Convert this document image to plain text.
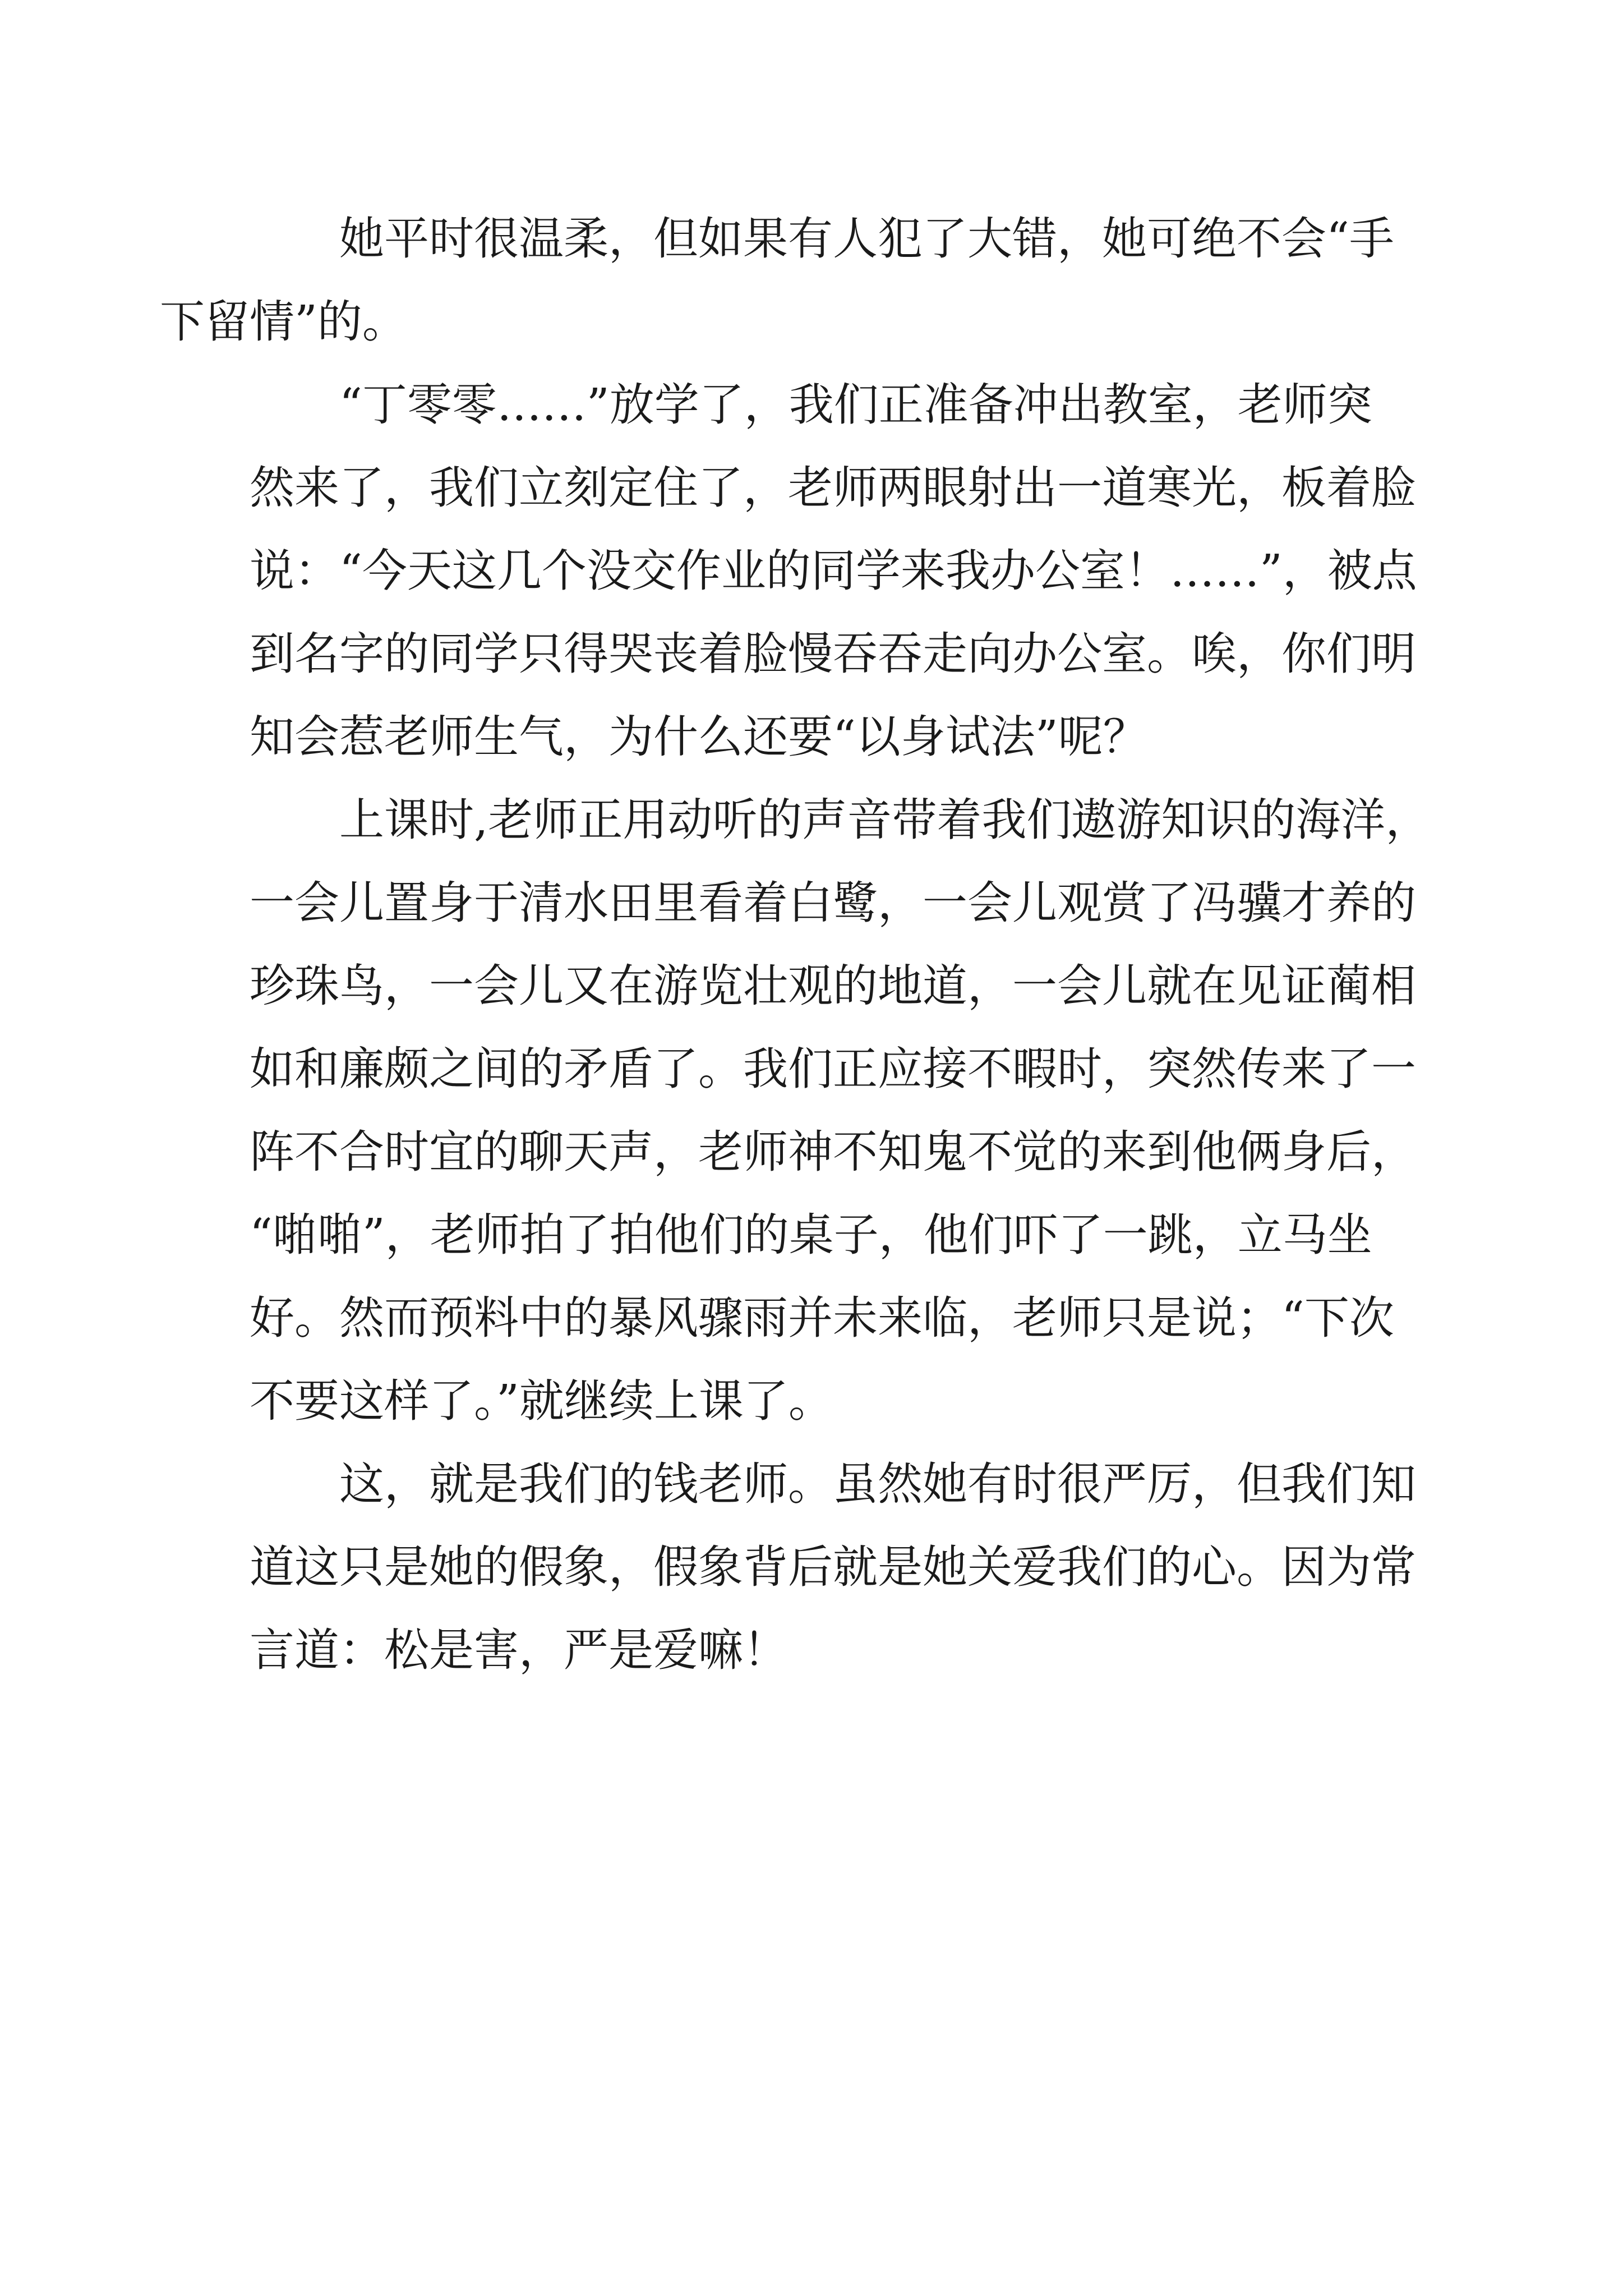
她平时很温柔，但如果有人犯了大错，她可绝不会“手
下留情”的。

“丁零零……”放学了，我们正准备冲出教室，老师突
然来了，我们立刻定住了，老师两眼射出一道寒光，板着脸
说：“今天这几个没交作业的同学来我办公室！……”，被点
到名字的同学只得哭丧着脸慢吞吞走向办公室。唉，你们明
知会惹老师生气，为什么还要“以身试法”呢？

上课时,老师正用动听的声音带着我们遨游知识的海洋，
一会儿置身于清水田里看着白鹭，一会儿观赏了冯骥才养的
珍珠鸟，一会儿又在游览壮观的地道，一会儿就在见证蔺相
如和廉颇之间的矛盾了。我们正应接不暇时，突然传来了一
阵不合时宜的聊天声，老师神不知鬼不觉的来到他俩身后，
“啪啪”，老师拍了拍他们的桌子，他们吓了一跳，立马坐
好。然而预料中的暴风骤雨并未来临，老师只是说；“下次
不要这样了。”就继续上课了。

这，就是我们的钱老师。虽然她有时很严厉，但我们知
道这只是她的假象，假象背后就是她关爱我们的心。因为常
言道：松是害，严是爱嘛！
